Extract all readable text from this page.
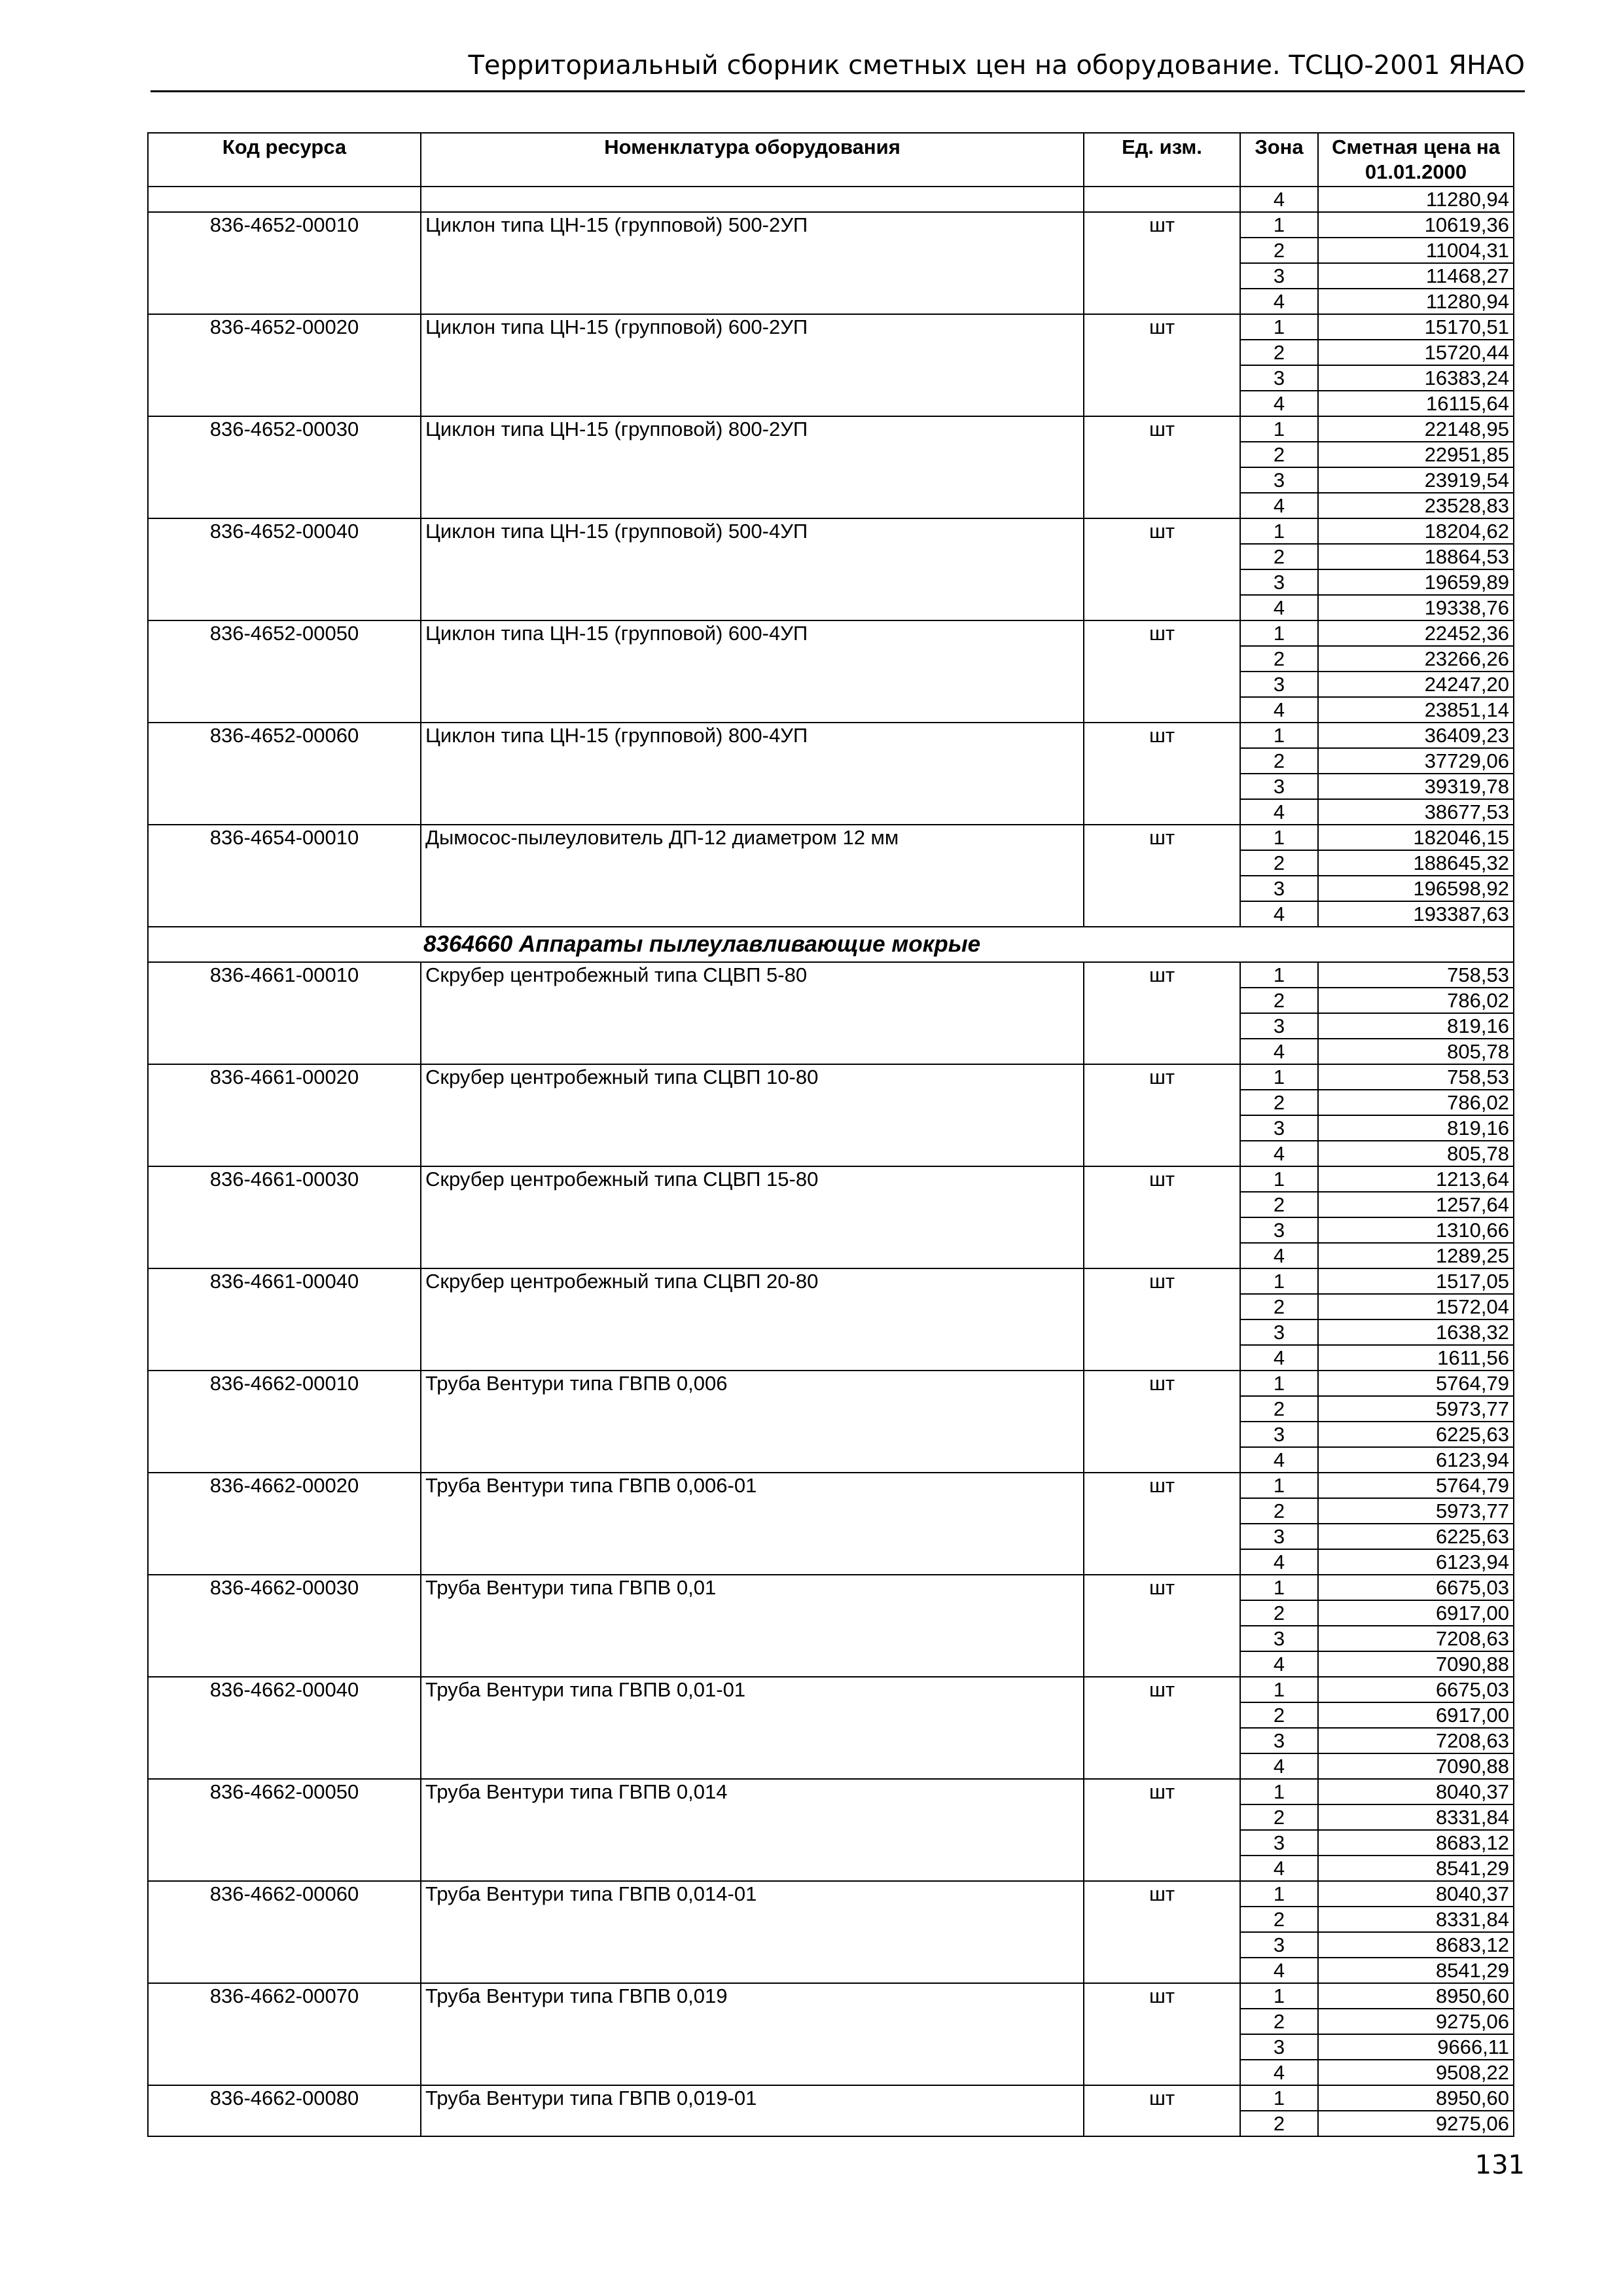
Территориальный сборник сметных цен на оборудование. ТСЦО-2001 ЯНАО
Код ресурса	Номенклатура оборудования	Ед. изм.	Зона	Сметная цена на 01.01.2000
			4	11280,94
836-4652-00010	Циклон типа ЦН-15 (групповой) 500-2УП	шт	1	10619,36
			2	11004,31
			3	11468,27
			4	11280,94
836-4652-00020	Циклон типа ЦН-15 (групповой) 600-2УП	шт	1	15170,51
			2	15720,44
			3	16383,24
			4	16115,64
836-4652-00030	Циклон типа ЦН-15 (групповой) 800-2УП	шт	1	22148,95
			2	22951,85
			3	23919,54
			4	23528,83
836-4652-00040	Циклон типа ЦН-15 (групповой) 500-4УП	шт	1	18204,62
			2	18864,53
			3	19659,89
			4	19338,76
836-4652-00050	Циклон типа ЦН-15 (групповой) 600-4УП	шт	1	22452,36
			2	23266,26
			3	24247,20
			4	23851,14
836-4652-00060	Циклон типа ЦН-15 (групповой) 800-4УП	шт	1	36409,23
			2	37729,06
			3	39319,78
			4	38677,53
836-4654-00010	Дымосос-пылеуловитель ДП-12 диаметром 12 мм	шт	1	182046,15
			2	188645,32
			3	196598,92
			4	193387,63
8364660 Аппараты пылеулавливающие мокрые				
836-4661-00010	Скрубер центробежный типа СЦВП 5-80	шт	1	758,53
			2	786,02
			3	819,16
			4	805,78
836-4661-00020	Скрубер центробежный типа СЦВП 10-80	шт	1	758,53
			2	786,02
			3	819,16
			4	805,78
836-4661-00030	Скрубер центробежный типа СЦВП 15-80	шт	1	1213,64
			2	1257,64
			3	1310,66
			4	1289,25
836-4661-00040	Скрубер центробежный типа СЦВП 20-80	шт	1	1517,05
			2	1572,04
			3	1638,32
			4	1611,56
836-4662-00010	Труба Вентури типа ГВПВ 0,006	шт	1	5764,79
			2	5973,77
			3	6225,63
			4	6123,94
836-4662-00020	Труба Вентури типа ГВПВ 0,006-01	шт	1	5764,79
			2	5973,77
			3	6225,63
			4	6123,94
836-4662-00030	Труба Вентури типа ГВПВ 0,01	шт	1	6675,03
			2	6917,00
			3	7208,63
			4	7090,88
836-4662-00040	Труба Вентури типа ГВПВ 0,01-01	шт	1	6675,03
			2	6917,00
			3	7208,63
			4	7090,88
836-4662-00050	Труба Вентури типа ГВПВ 0,014	шт	1	8040,37
			2	8331,84
			3	8683,12
			4	8541,29
836-4662-00060	Труба Вентури типа ГВПВ 0,014-01	шт	1	8040,37
			2	8331,84
			3	8683,12
			4	8541,29
836-4662-00070	Труба Вентури типа ГВПВ 0,019	шт	1	8950,60
			2	9275,06
			3	9666,11
			4	9508,22
836-4662-00080	Труба Вентури типа ГВПВ 0,019-01	шт	1	8950,60
			2	9275,06
131
